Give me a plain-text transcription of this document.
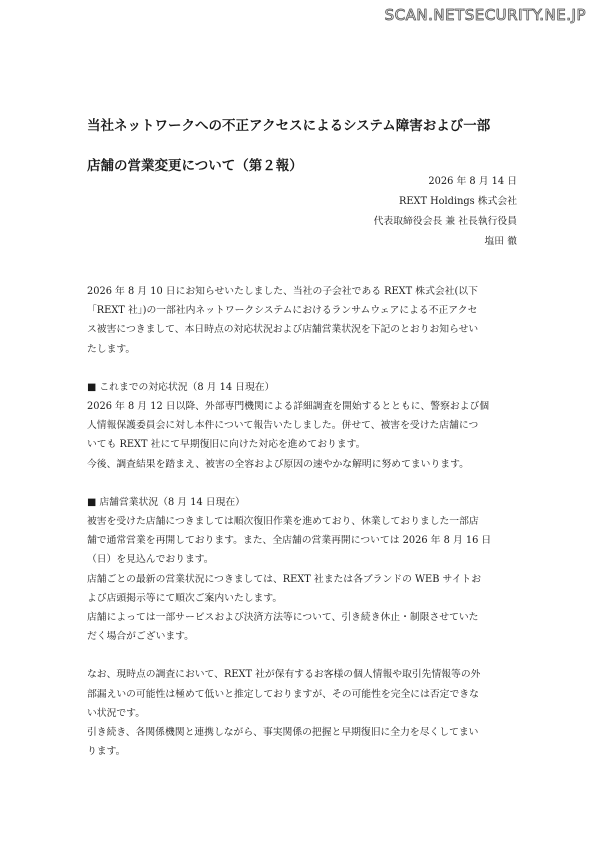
SCAN.NETSECURITY.NE.JP
当社ネットワークへの不正アクセスによるシステム障害および一部
店舗の営業変更について（第２報）
2026 年 8 月 14 日
REXT Holdings 株式会社
代表取締役会長 兼 社長執行役員
塩田 徹

2026 年 8 月 10 日にお知らせいたしました、当社の子会社である REXT 株式会社(以下

「REXT 社」)の一部社内ネットワークシステムにおけるランサムウェアによる不正アクセ

ス被害につきまして、本日時点の対応状況および店舗営業状況を下記のとおりお知らせい

たします。

■ これまでの対応状況（8 月 14 日現在）

2026 年 8 月 12 日以降、外部専門機関による詳細調査を開始するとともに、警察および個

人情報保護委員会に対し本件について報告いたしました。併せて、被害を受けた店舗につ

いても REXT 社にて早期復旧に向けた対応を進めております。

今後、調査結果を踏まえ、被害の全容および原因の速やかな解明に努めてまいります。

■ 店舗営業状況（8 月 14 日現在）

被害を受けた店舗につきましては順次復旧作業を進めており、休業しておりました一部店

舗で通常営業を再開しております。また、全店舗の営業再開については 2026 年 8 月 16 日

（日）を見込んでおります。

店舗ごとの最新の営業状況につきましては、REXT 社または各ブランドの WEB サイトお

よび店頭掲示等にて順次ご案内いたします。

店舗によっては一部サービスおよび決済方法等について、引き続き休止・制限させていた

だく場合がございます。

なお、現時点の調査において、REXT 社が保有するお客様の個人情報や取引先情報等の外

部漏えいの可能性は極めて低いと推定しておりますが、その可能性を完全には否定できな

い状況です。

引き続き、各関係機関と連携しながら、事実関係の把握と早期復旧に全力を尽くしてまい

ります。
